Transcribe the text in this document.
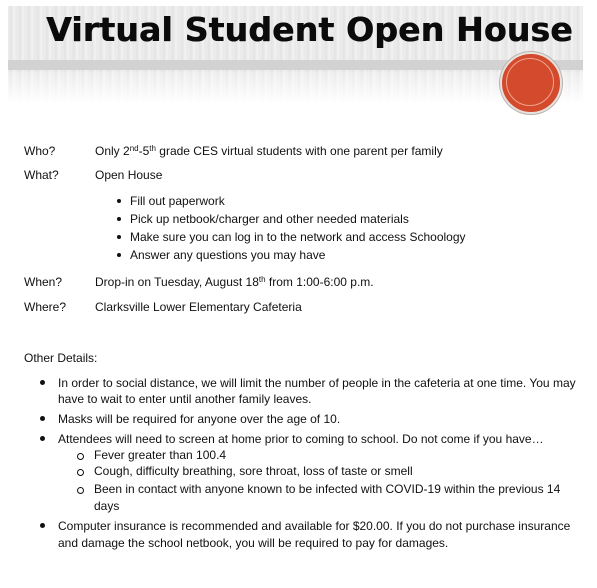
Virtual Student Open House
Who?	Only 2nd-5th grade CES virtual students with one parent per family
What?	Open House
Fill out paperwork
Pick up netbook/charger and other needed materials
Make sure you can log in to the network and access Schoology
Answer any questions you may have
When?	Drop-in on Tuesday, August 18th from 1:00-6:00 p.m.
Where? Clarksville Lower Elementary Cafeteria
Other Details:
In order to social distance, we will limit the number of people in the cafeteria at one time. You may
have to wait to enter until another family leaves.
Masks will be required for anyone over the age of 10.
Attendees will need to screen at home prior to coming to school. Do not come if you have…
Fever greater than 100.4
Cough, difficulty breathing, sore throat, loss of taste or smell
Been in contact with anyone known to be infected with COVID-19 within the previous 14
days
Computer insurance is recommended and available for $20.00. If you do not purchase insurance
and damage the school netbook, you will be required to pay for damages.
